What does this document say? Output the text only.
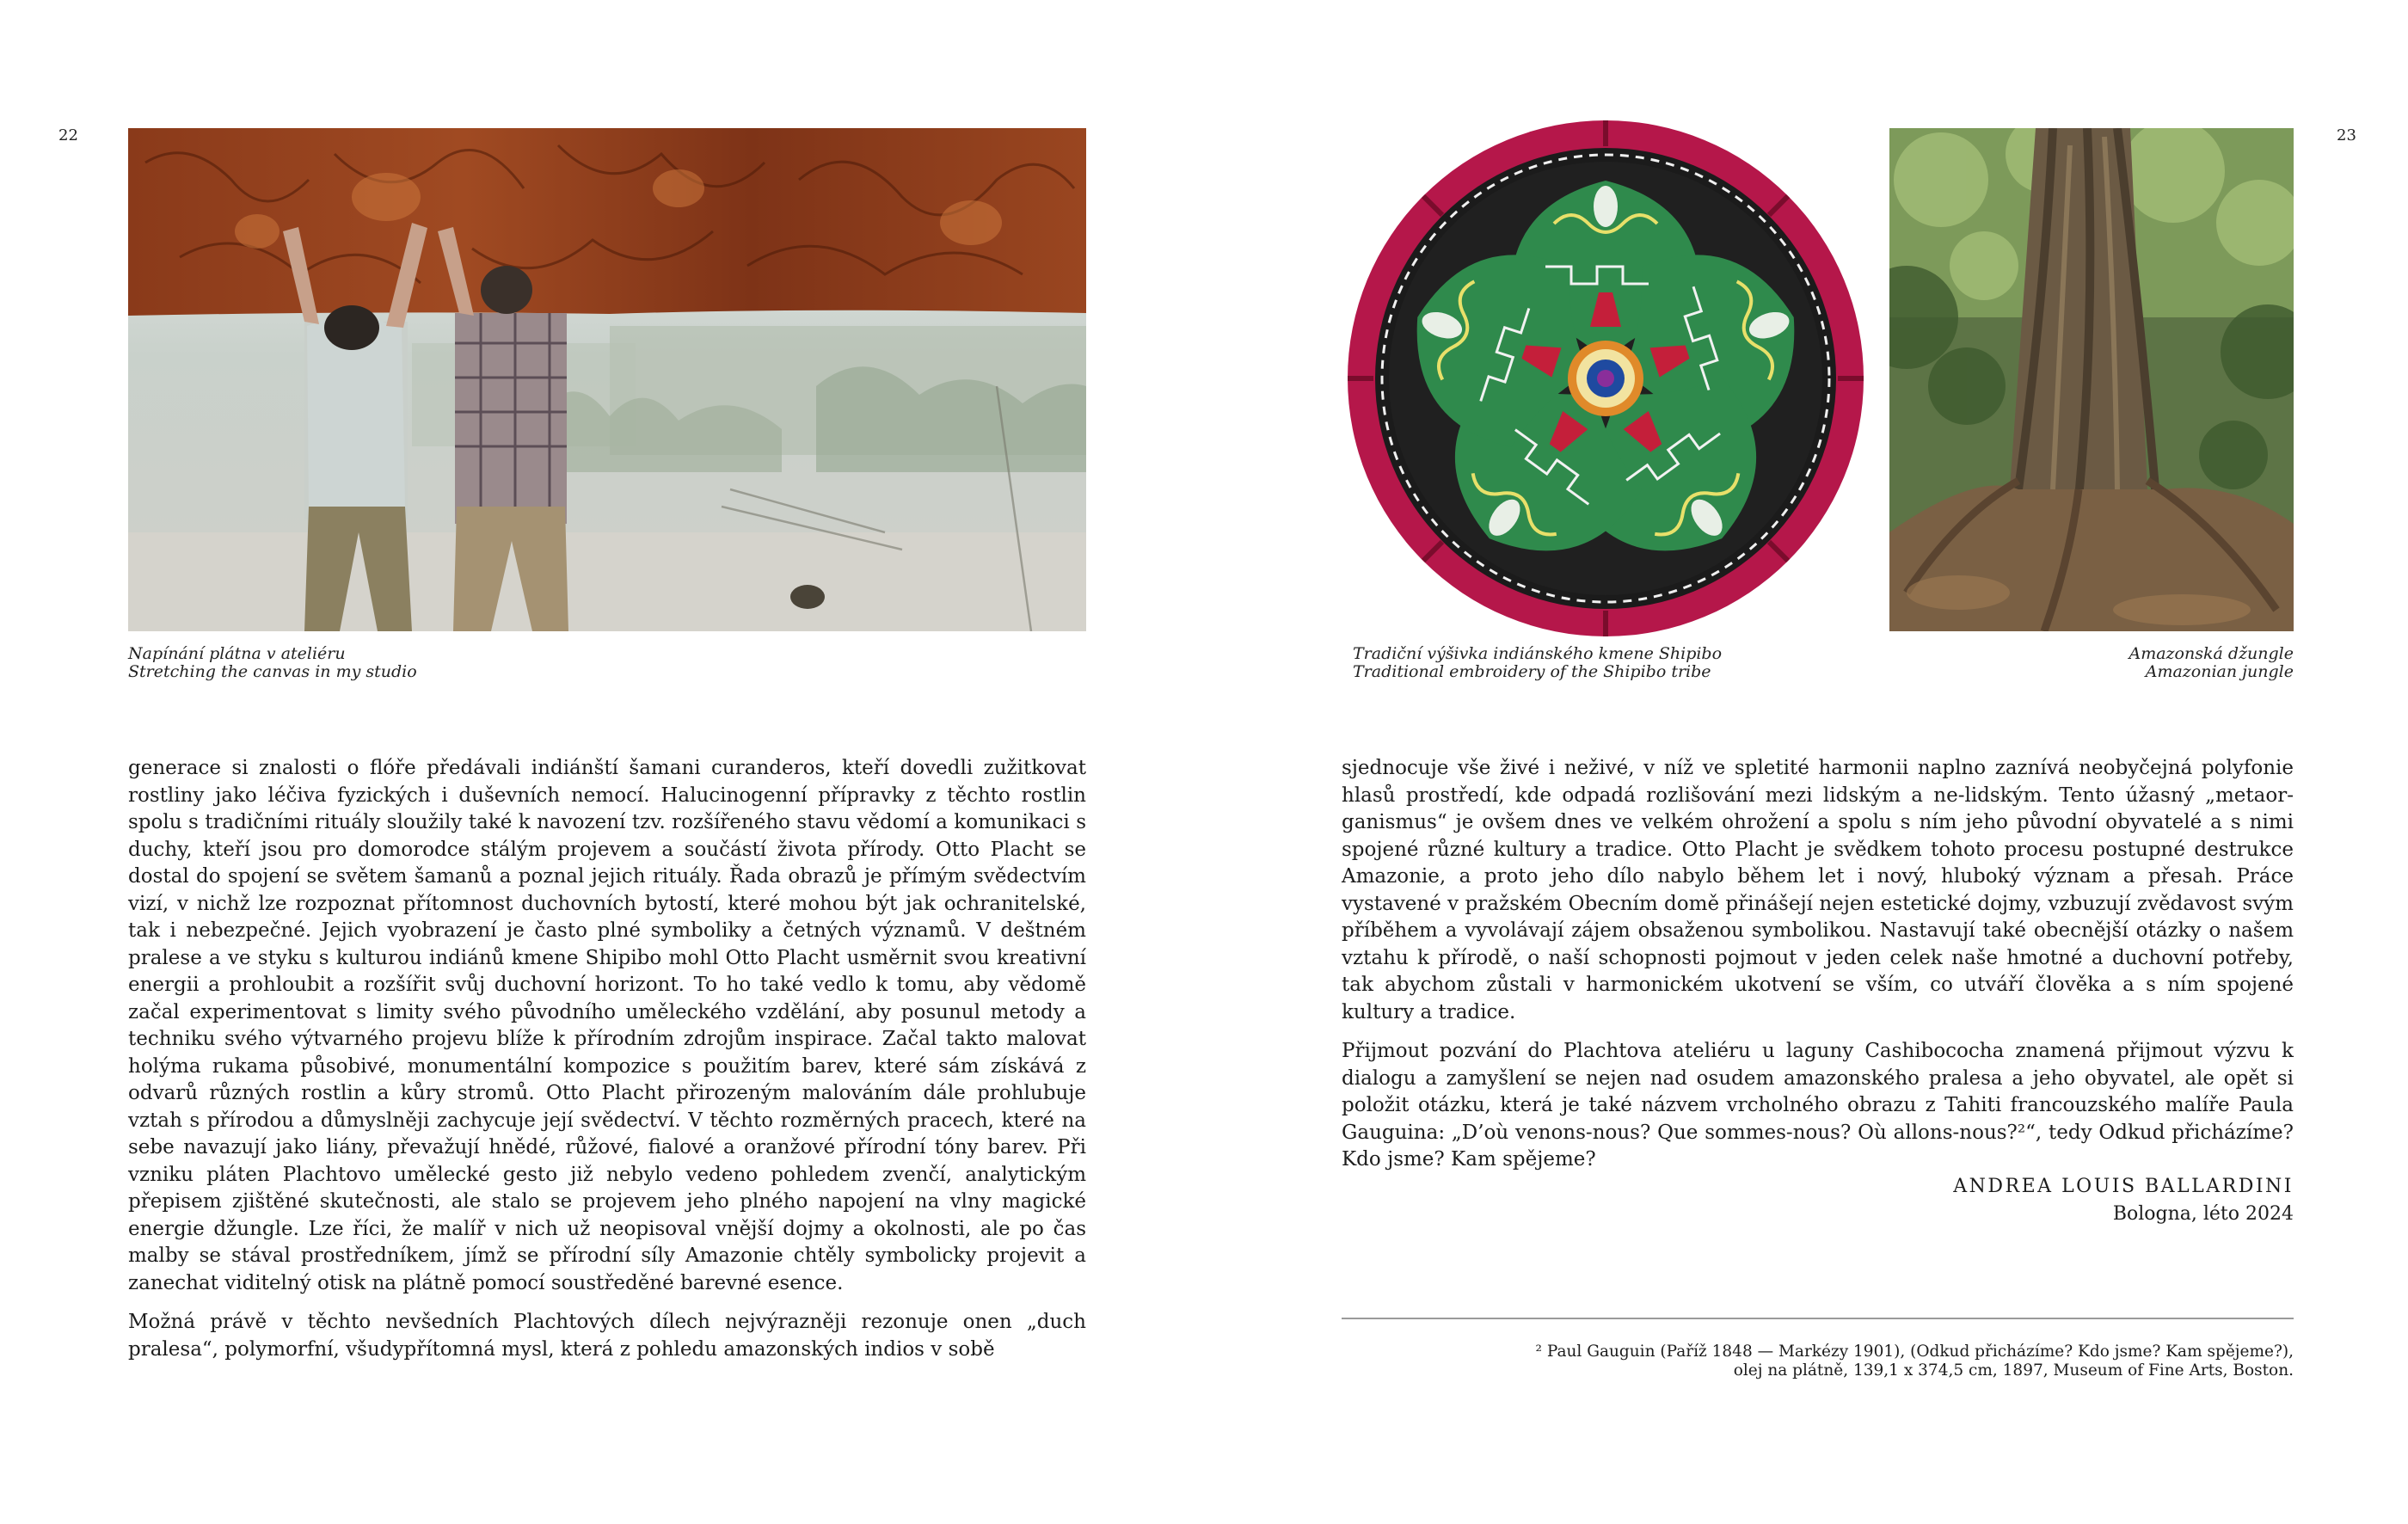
22
Napínání plátna v ateliéru
Stretching the canvas in my studio

generace si znalosti o flóře předávali indiánští šamani curanderos, kteří dovedli zužitkovat rostliny jako léčiva fyzických i duševních nemocí. Halucinogenní přípravky z těchto rostlin spolu s tradičními rituály sloužily také k navození tzv. rozšířeného stavu vědomí a komunikaci s duchy, kteří jsou pro domorodce stálým projevem a součástí života přírody. Otto Placht se dostal do spojení se světem šamanů a poznal jejich rituály. Řada obrazů je přímým svědectvím vizí, v nichž lze rozpoznat přítomnost duchovních bytostí, které mohou být jak ochranitelské, tak i nebezpečné. Jejich vyobrazení je často plné symboliky a četných významů. V deštném pralese a ve styku s kulturou indiánů kmene Shipibo mohl Otto Placht usměrnit svou kreativní energii a prohloubit a rozšířit svůj duchovní horizont. To ho také vedlo k tomu, aby vědomě začal experimentovat s limity svého původního uměleckého vzdělání, aby posunul metody a techniku svého výtvarného projevu blíže k přírodním zdrojům inspirace. Začal takto malovat holýma rukama působivé, monumentální kompozice s použitím barev, které sám získává z odvarů různých rostlin a kůry stromů. Otto Placht přirozeným malováním dále prohlubuje vztah s přírodou a důmyslněji zachycuje její svědectví. V těchto rozměrných pracech, které na sebe navazují jako liány, převažují hnědé, růžové, fialové a oranžové přírodní tóny barev. Při vzniku pláten Plachtovo umělecké gesto již nebylo vedeno pohledem zvenčí, analytickým přepisem zjištěné skutečnosti, ale stalo se projevem jeho plného napojení na vlny magické energie džungle. Lze říci, že malíř v nich už neopisoval vnější dojmy a okolnosti, ale po čas malby se stával prostředníkem, jímž se přírodní síly Amazonie chtěly symbolicky projevit a zanechat viditelný otisk na plátně pomocí soustředěné barevné esence.

Možná právě v těchto nevšedních Plachtových dílech nejvýrazněji rezonuje onen „duch pralesa“, polymorfní, všudypřítomná mysl, která z pohledu amazonských indios v sobě

23
Tradiční výšivka indiánského kmene Shipibo
Traditional embroidery of the Shipibo tribe
Amazonská džungle
Amazonian jungle

sjednocuje vše živé i neživé, v níž ve spletité harmonii naplno zaznívá neobyčejná polyfonie hlasů prostředí, kde odpadá rozlišování mezi lidským a ne-lidským. Tento úžasný „metaorganismus“ je ovšem dnes ve velkém ohrožení a spolu s ním jeho původní obyvatelé a s nimi spojené různé kultury a tradice. Otto Placht je svědkem tohoto procesu postupné destrukce Amazonie, a proto jeho dílo nabylo během let i nový, hluboký význam a přesah. Práce vystavené v pražském Obecním domě přinášejí nejen estetické dojmy, vzbuzují zvědavost svým příběhem a vyvolávají zájem obsaženou symbolikou. Nastavují také obecnější otázky o našem vztahu k přírodě, o naší schopnosti pojmout v jeden celek naše hmotné a duchovní potřeby, tak abychom zůstali v harmonickém ukotvení se vším, co utváří člověka a s ním spojené kultury a tradice.

Přijmout pozvání do Plachtova ateliéru u laguny Cashibococha znamená přijmout výzvu k dialogu a zamyšlení se nejen nad osudem amazonského pralesa a jeho obyvatel, ale opět si položit otázku, která je také názvem vrcholného obrazu z Tahiti francouzského malíře Paula Gauguina: „D’où venons-nous? Que sommes-nous? Où allons-nous?²“, tedy Odkud přicházíme? Kdo jsme? Kam spějeme?

ANDREA LOUIS BALLARDINI
Bologna, léto 2024
² Paul Gauguin (Paříž 1848 — Markézy 1901), (Odkud přicházíme? Kdo jsme? Kam spějeme?),
olej na plátně, 139,1 x 374,5 cm, 1897, Museum of Fine Arts, Boston.
